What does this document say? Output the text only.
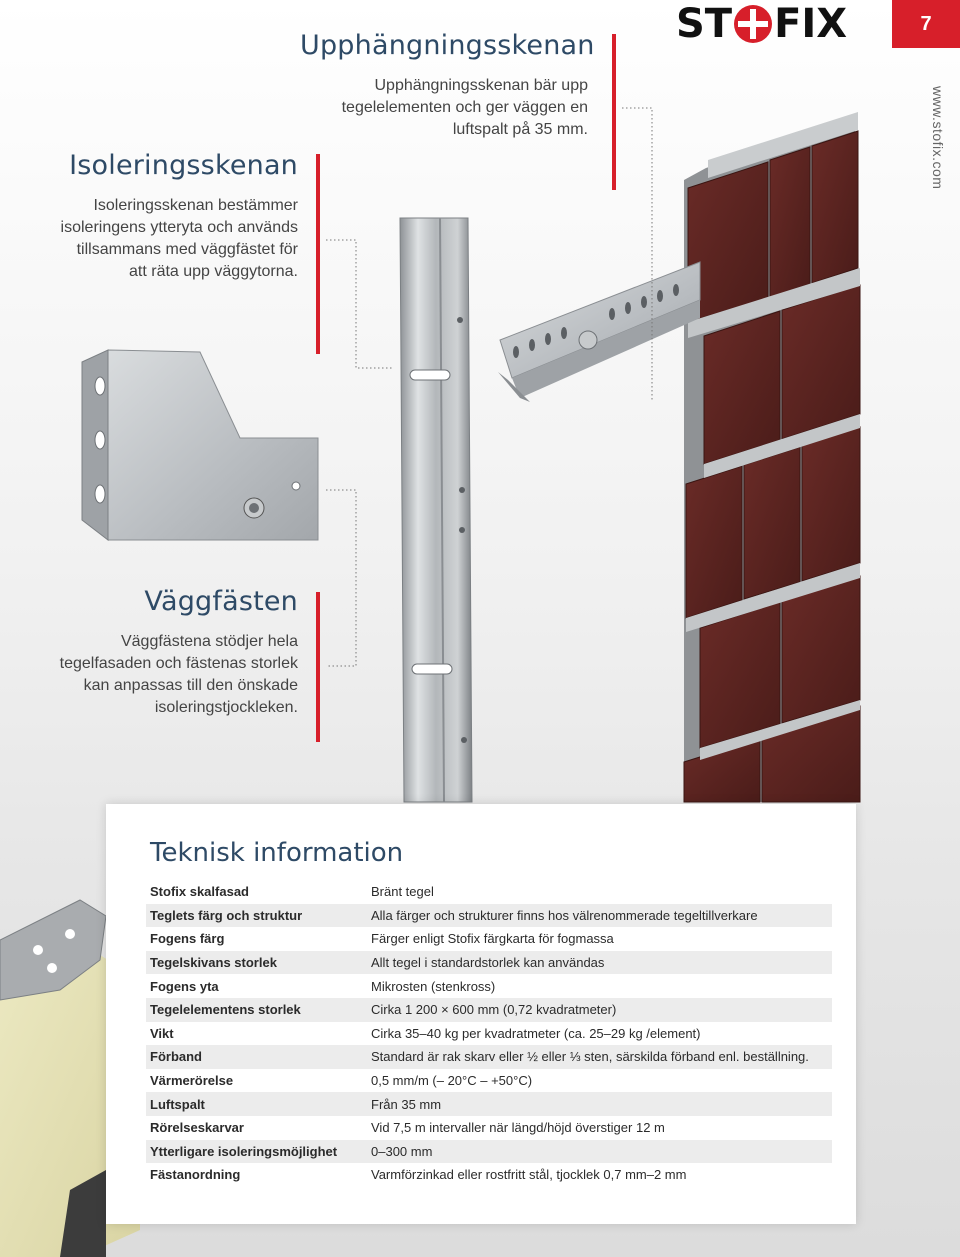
ST FIX	7
www.stofix.com
Upphängningsskenan

Upphängningsskenan bär upp tegelelementen och ger väggen en luftspalt på 35 mm.

Isoleringsskenan

Isoleringsskenan bestämmer isoleringens ytteryta och används tillsammans med väggfästet för att räta upp väggytorna.

Väggfästen

Väggfästena stödjer hela tegelfasaden och fästenas storlek kan anpassas till den önskade isoleringstjockleken.

Teknisk information
Stofix skalfasad	Bränt tegel
Teglets färg och struktur	Alla färger och strukturer finns hos välrenommerade tegeltillverkare
Fogens färg	Färger enligt Stofix färgkarta för fogmassa
Tegelskivans storlek	Allt tegel i standardstorlek kan användas
Fogens yta	Mikrosten (stenkross)
Tegelelementens storlek	Cirka 1 200 × 600 mm (0,72 kvadratmeter)
Vikt	Cirka 35–40 kg per kvadratmeter (ca. 25–29 kg /element)
Förband	Standard är rak skarv eller ½ eller ⅓ sten, särskilda förband enl. beställning.
Värmerörelse	0,5 mm/m (– 20°C – +50°C)
Luftspalt	Från 35 mm
Rörelseskarvar	Vid 7,5 m intervaller när längd/höjd överstiger 12 m
Ytterligare isoleringsmöjlighet	0–300 mm
Fästanordning	Varmförzinkad eller rostfritt stål, tjocklek 0,7 mm–2 mm
